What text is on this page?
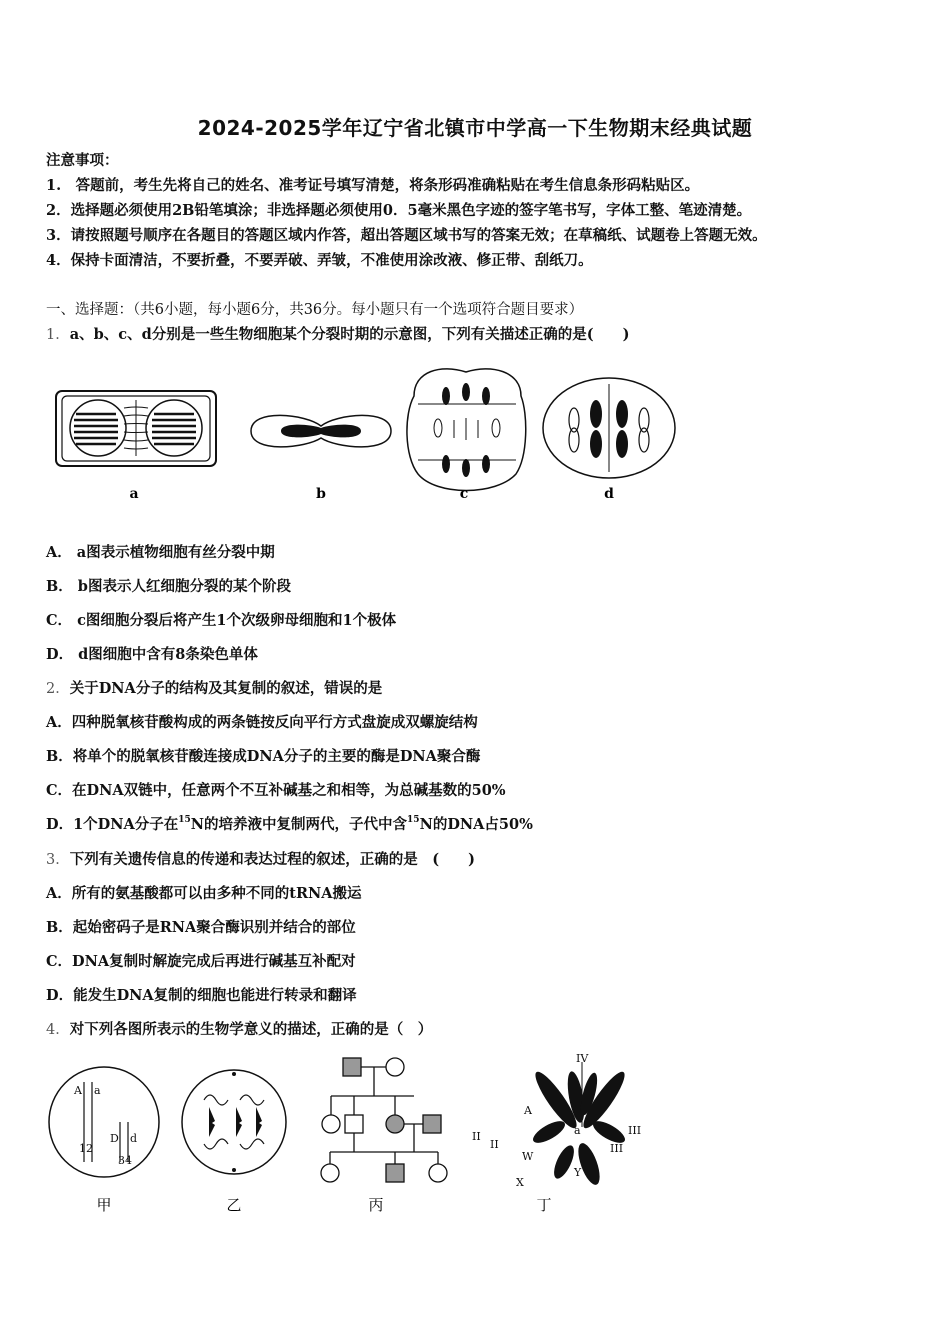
2024-2025学年辽宁省北镇市中学高一下生物期末经典试题
注意事项：
1.　答题前，考生先将自己的姓名、准考证号填写清楚，将条形码准确粘贴在考生信息条形码粘贴区。
2．选择题必须使用2B铅笔填涂；非选择题必须使用0．5毫米黑色字迹的签字笔书写，字体工整、笔迹清楚。
3．请按照题号顺序在各题目的答题区域内作答，超出答题区域书写的答案无效；在草稿纸、试题卷上答题无效。
4．保持卡面清洁，不要折叠，不要弄破、弄皱，不准使用涂改液、修正带、刮纸刀。
一、选择题：（共6小题，每小题6分，共36分。每小题只有一个选项符合题目要求）
1．a、b、c、d分别是一些生物细胞某个分裂时期的示意图，下列有关描述正确的是(　　)
a	b	c	d
A． a图表示植物细胞有丝分裂中期
B． b图表示人红细胞分裂的某个阶段
C． c图细胞分裂后将产生1个次级卵母细胞和1个极体
D． d图细胞中含有8条染色单体
2．关于DNA分子的结构及其复制的叙述，错误的是
A．四种脱氧核苷酸构成的两条链按反向平行方式盘旋成双螺旋结构
B．将单个的脱氧核苷酸连接成DNA分子的主要的酶是DNA聚合酶
C．在DNA双链中，任意两个不互补碱基之和相等，为总碱基数的50%
D．1个DNA分子在$^{15}$N的培养液中复制两代，子代中含$^{15}$N的DNA占50%
3．下列有关遗传信息的传递和表达过程的叙述，正确的是　(　　)
A．所有的氨基酸都可以由多种不同的tRNA搬运
B．起始密码子是RNA聚合酶识别并结合的部位
C．DNA复制时解旋完成后再进行碱基互补配对
D．能发生DNA复制的细胞也能进行转录和翻译
4．对下列各图所表示的生物学意义的描述，正确的是（　）
A a
12
D d
34
IV
A
a
II
II
III
III
W
Y
X
甲	乙	丙	丁
